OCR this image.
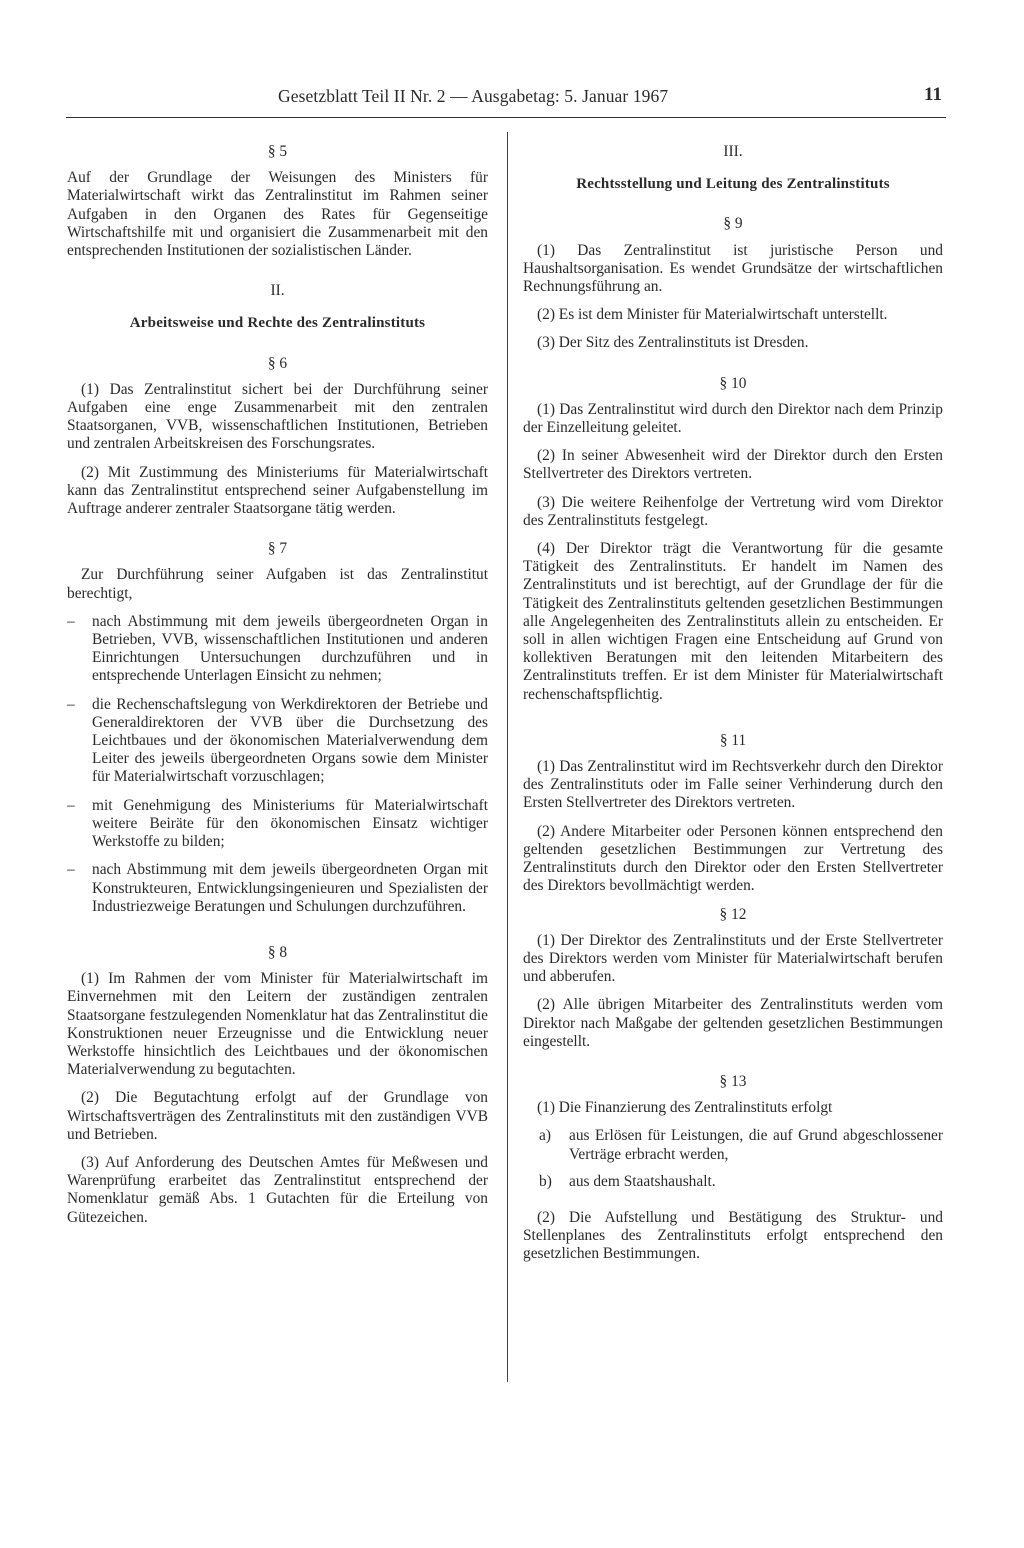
Gesetzblatt Teil II Nr. 2 — Ausgabetag: 5. Januar 1967	11
§ 5
Auf der Grundlage der Weisungen des Ministers für Materialwirtschaft wirkt das Zentralinstitut im Rahmen seiner Aufgaben in den Organen des Rates für Gegenseitige Wirtschaftshilfe mit und organisiert die Zusammenarbeit mit den entsprechenden Institutionen der sozialistischen Länder.
II.
Arbeitsweise und Rechte des Zentralinstituts
§ 6
(1) Das Zentralinstitut sichert bei der Durchführung seiner Aufgaben eine enge Zusammenarbeit mit den zentralen Staatsorganen, VVB, wissenschaftlichen Institutionen, Betrieben und zentralen Arbeitskreisen des Forschungsrates.
(2) Mit Zustimmung des Ministeriums für Materialwirtschaft kann das Zentralinstitut entsprechend seiner Aufgabenstellung im Auftrage anderer zentraler Staatsorgane tätig werden.
§ 7
Zur Durchführung seiner Aufgaben ist das Zentralinstitut berechtigt,
– nach Abstimmung mit dem jeweils übergeordneten Organ in Betrieben, VVB, wissenschaftlichen Institutionen und anderen Einrichtungen Untersuchungen durchzuführen und in entsprechende Unterlagen Einsicht zu nehmen;
– die Rechenschaftslegung von Werkdirektoren der Betriebe und Generaldirektoren der VVB über die Durchsetzung des Leichtbaues und der ökonomischen Materialverwendung dem Leiter des jeweils übergeordneten Organs sowie dem Minister für Materialwirtschaft vorzuschlagen;
– mit Genehmigung des Ministeriums für Materialwirtschaft weitere Beiräte für den ökonomischen Einsatz wichtiger Werkstoffe zu bilden;
– nach Abstimmung mit dem jeweils übergeordneten Organ mit Konstrukteuren, Entwicklungsingenieuren und Spezialisten der Industriezweige Beratungen und Schulungen durchzuführen.
§ 8
(1) Im Rahmen der vom Minister für Materialwirtschaft im Einvernehmen mit den Leitern der zuständigen zentralen Staatsorgane festzulegenden Nomenklatur hat das Zentralinstitut die Konstruktionen neuer Erzeugnisse und die Entwicklung neuer Werkstoffe hinsichtlich des Leichtbaues und der ökonomischen Materialverwendung zu begutachten.
(2) Die Begutachtung erfolgt auf der Grundlage von Wirtschaftsverträgen des Zentralinstituts mit den zuständigen VVB und Betrieben.
(3) Auf Anforderung des Deutschen Amtes für Meßwesen und Warenprüfung erarbeitet das Zentralinstitut entsprechend der Nomenklatur gemäß Abs. 1 Gutachten für die Erteilung von Gütezeichen.
III.
Rechtsstellung und Leitung des Zentralinstituts
§ 9
(1) Das Zentralinstitut ist juristische Person und Haushaltsorganisation. Es wendet Grundsätze der wirtschaftlichen Rechnungsführung an.
(2) Es ist dem Minister für Materialwirtschaft unterstellt.
(3) Der Sitz des Zentralinstituts ist Dresden.
§ 10
(1) Das Zentralinstitut wird durch den Direktor nach dem Prinzip der Einzelleitung geleitet.
(2) In seiner Abwesenheit wird der Direktor durch den Ersten Stellvertreter des Direktors vertreten.
(3) Die weitere Reihenfolge der Vertretung wird vom Direktor des Zentralinstituts festgelegt.
(4) Der Direktor trägt die Verantwortung für die gesamte Tätigkeit des Zentralinstituts. Er handelt im Namen des Zentralinstituts und ist berechtigt, auf der Grundlage der für die Tätigkeit des Zentralinstituts geltenden gesetzlichen Bestimmungen alle Angelegenheiten des Zentralinstituts allein zu entscheiden. Er soll in allen wichtigen Fragen eine Entscheidung auf Grund von kollektiven Beratungen mit den leitenden Mitarbeitern des Zentralinstituts treffen. Er ist dem Minister für Materialwirtschaft rechenschaftspflichtig.
§ 11
(1) Das Zentralinstitut wird im Rechtsverkehr durch den Direktor des Zentralinstituts oder im Falle seiner Verhinderung durch den Ersten Stellvertreter des Direktors vertreten.
(2) Andere Mitarbeiter oder Personen können entsprechend den geltenden gesetzlichen Bestimmungen zur Vertretung des Zentralinstituts durch den Direktor oder den Ersten Stellvertreter des Direktors bevollmächtigt werden.
§ 12
(1) Der Direktor des Zentralinstituts und der Erste Stellvertreter des Direktors werden vom Minister für Materialwirtschaft berufen und abberufen.
(2) Alle übrigen Mitarbeiter des Zentralinstituts werden vom Direktor nach Maßgabe der geltenden gesetzlichen Bestimmungen eingestellt.
§ 13
(1) Die Finanzierung des Zentralinstituts erfolgt
a)	aus Erlösen für Leistungen, die auf Grund abgeschlossener Verträge erbracht werden,
b)	aus dem Staatshaushalt.
(2) Die Aufstellung und Bestätigung des Struktur- und Stellenplanes des Zentralinstituts erfolgt entsprechend den gesetzlichen Bestimmungen.
